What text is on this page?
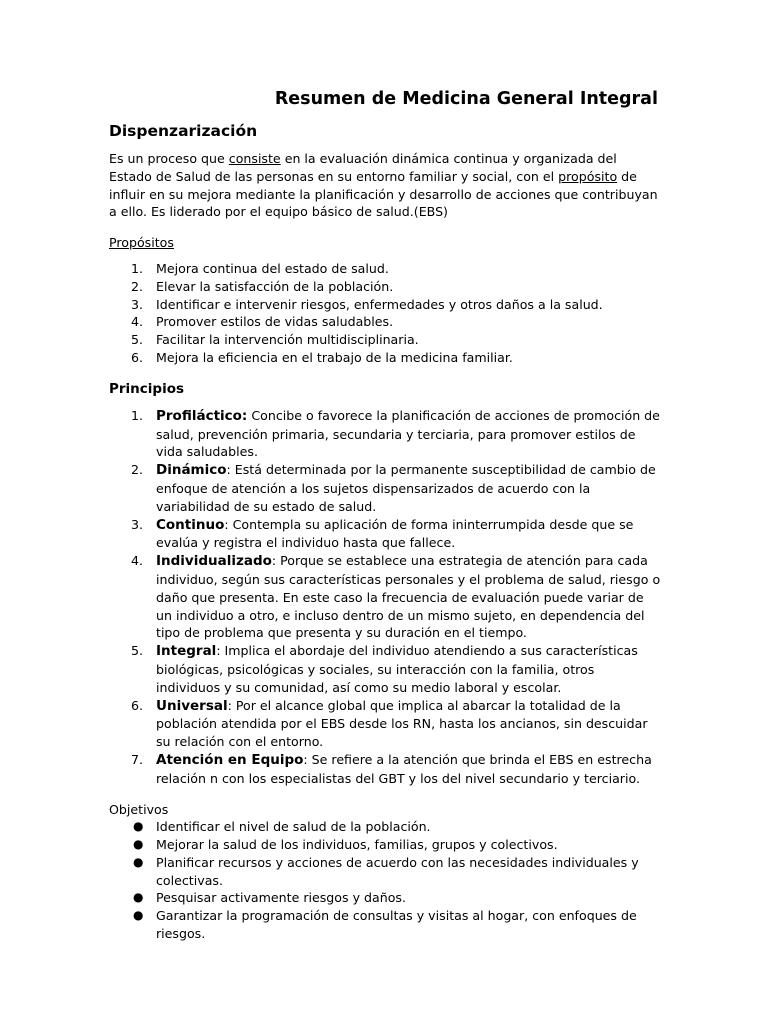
Resumen de Medicina General Integral
Dispenzarización

Es un proceso que consiste en la evaluación dinámica continua y organizada del Estado de Salud de las personas en su entorno familiar y social, con el propósito de influir en su mejora mediante la planificación y desarrollo de acciones que contribuyan a ello. Es liderado por el equipo básico de salud.(EBS)

Propósitos

1. Mejora continua del estado de salud.
2. Elevar la satisfacción de la población.
3. Identificar e intervenir riesgos, enfermedades y otros daños a la salud.
4. Promover estilos de vidas saludables.
5. Facilitar la intervención multidisciplinaria.
6. Mejora la eficiencia en el trabajo de la medicina familiar.

Principios

1. Profiláctico: Concibe o favorece la planificación de acciones de promoción de salud, prevención primaria, secundaria y terciaria, para promover estilos de vida saludables.
2. Dinámico: Está determinada por la permanente susceptibilidad de cambio de enfoque de atención a los sujetos dispensarizados de acuerdo con la variabilidad de su estado de salud.
3. Continuo: Contempla su aplicación de forma ininterrumpida desde que se evalúa y registra el individuo hasta que fallece.
4. Individualizado: Porque se establece una estrategia de atención para cada individuo, según sus características personales y el problema de salud, riesgo o daño que presenta. En este caso la frecuencia de evaluación puede variar de un individuo a otro, e incluso dentro de un mismo sujeto, en dependencia del tipo de problema que presenta y su duración en el tiempo.
5. Integral: Implica el abordaje del individuo atendiendo a sus características biológicas, psicológicas y sociales, su interacción con la familia, otros individuos y su comunidad, así como su medio laboral y escolar.
6. Universal: Por el alcance global que implica al abarcar la totalidad de la población atendida por el EBS desde los RN, hasta los ancianos, sin descuidar su relación con el entorno.
7. Atención en Equipo: Se refiere a la atención que brinda el EBS en estrecha relación n con los especialistas del GBT y los del nivel secundario y terciario.

Objetivos

● Identificar el nivel de salud de la población.
● Mejorar la salud de los individuos, familias, grupos y colectivos.
● Planificar recursos y acciones de acuerdo con las necesidades individuales y colectivas.
● Pesquisar activamente riesgos y daños.
● Garantizar la programación de consultas y visitas al hogar, con enfoques de riesgos.
